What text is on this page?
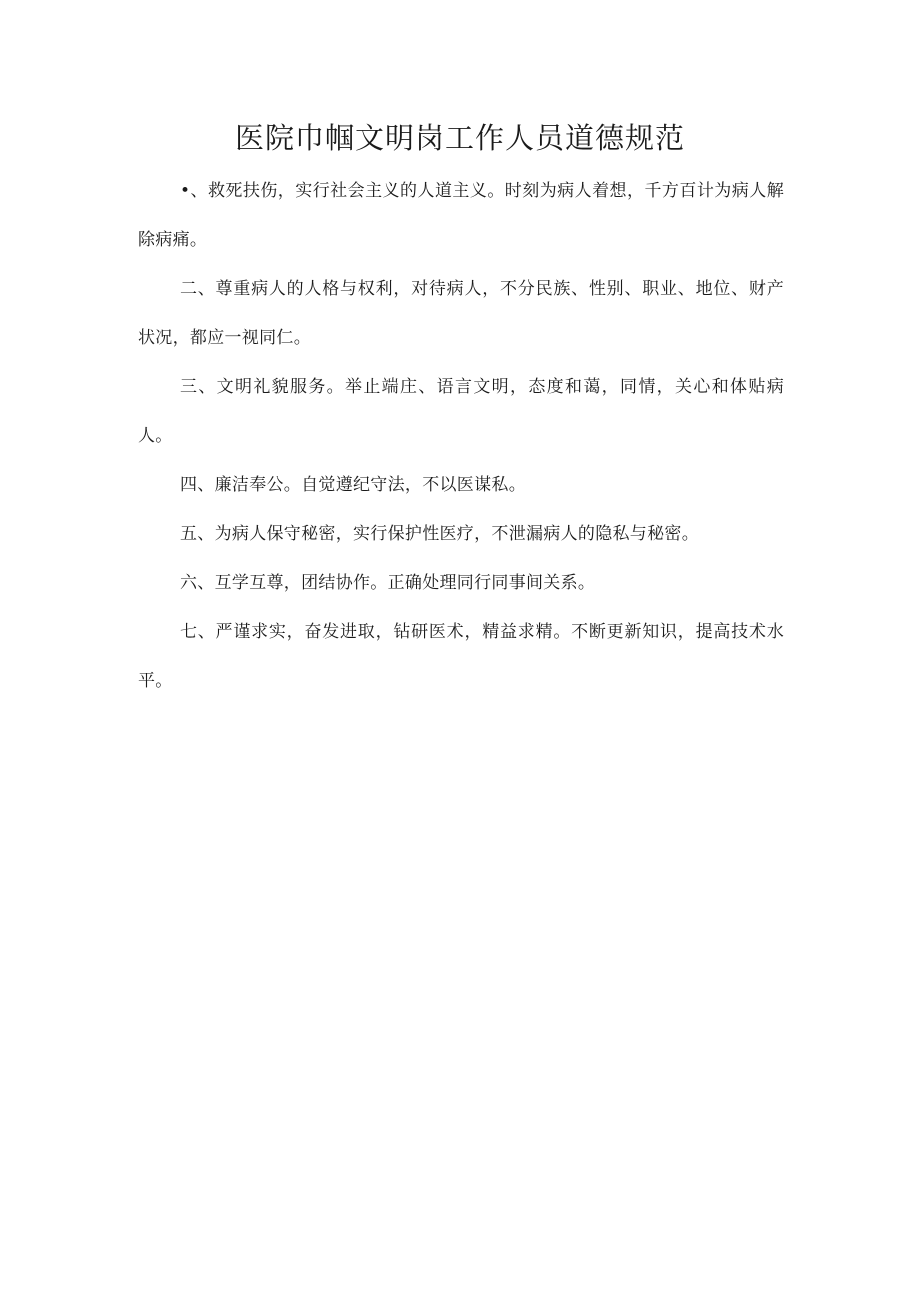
医院巾帼文明岗工作人员道德规范

•、救死扶伤，实行社会主义的人道主义。时刻为病人着想，千方百计为病人解除病痛。

二、尊重病人的人格与权利，对待病人，不分民族、性别、职业、地位、财产状况，都应一视同仁。

三、文明礼貌服务。举止端庄、语言文明，态度和蔼，同情，关心和体贴病人。

四、廉洁奉公。自觉遵纪守法，不以医谋私。

五、为病人保守秘密，实行保护性医疗，不泄漏病人的隐私与秘密。

六、互学互尊，团结协作。正确处理同行同事间关系。

七、严谨求实，奋发进取，钻研医术，精益求精。不断更新知识，提高技术水平。
